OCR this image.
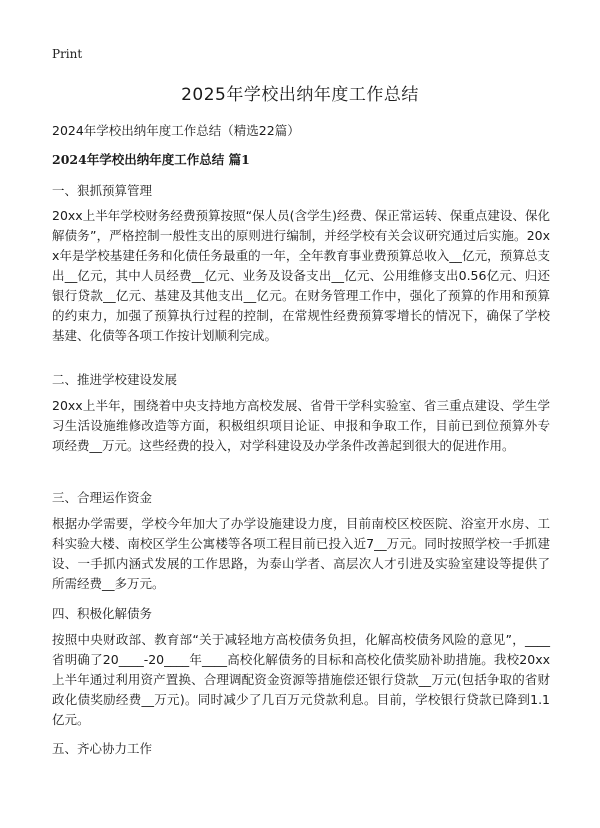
Print
2025年学校出纳年度工作总结

2024年学校出纳年度工作总结（精选22篇）

2024年学校出纳年度工作总结 篇1

一、狠抓预算管理

20xx上半年学校财务经费预算按照“保人员(含学生)经费、保正常运转、保重点建设、保化解债务”，严格控制一般性支出的原则进行编制，并经学校有关会议研究通过后实施。20xx年是学校基建任务和化债任务最重的一年，全年教育事业费预算总收入__亿元，预算总支出__亿元，其中人员经费__亿元、业务及设备支出__亿元、公用维修支出0.56亿元、归还银行贷款__亿元、基建及其他支出__亿元。在财务管理工作中，强化了预算的作用和预算的约束力，加强了预算执行过程的控制，在常规性经费预算零增长的情况下，确保了学校基建、化债等各项工作按计划顺利完成。

二、推进学校建设发展

20xx上半年，围绕着中央支持地方高校发展、省骨干学科实验室、省三重点建设、学生学习生活设施维修改造等方面，积极组织项目论证、申报和争取工作，目前已到位预算外专项经费__万元。这些经费的投入，对学科建设及办学条件改善起到很大的促进作用。

三、合理运作资金

根据办学需要，学校今年加大了办学设施建设力度，目前南校区校医院、浴室开水房、工科实验大楼、南校区学生公寓楼等各项工程目前已投入近7__万元。同时按照学校一手抓建设、一手抓内涵式发展的工作思路，为泰山学者、高层次人才引进及实验室建设等提供了所需经费__多万元。

四、积极化解债务

按照中央财政部、教育部“关于减轻地方高校债务负担，化解高校债务风险的意见”，____省明确了20____-20____年____高校化解债务的目标和高校化债奖励补助措施。我校20xx上半年通过利用资产置换、合理调配资金资源等措施偿还银行贷款__万元(包括争取的省财政化债奖励经费__万元)。同时减少了几百万元贷款利息。目前，学校银行贷款已降到1.1亿元。

五、齐心协力工作
